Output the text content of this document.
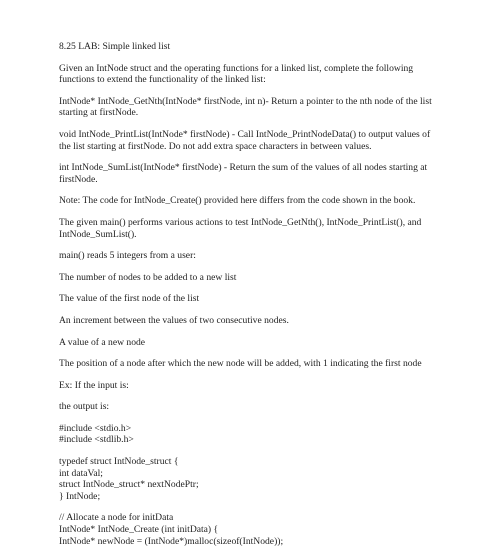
8.25 LAB: Simple linked list

Given an IntNode struct and the operating functions for a linked list, complete the following functions to extend the functionality of the linked list:

IntNode* IntNode_GetNth(IntNode* firstNode, int n)- Return a pointer to the nth node of the list starting at firstNode.

void IntNode_PrintList(IntNode* firstNode) - Call IntNode_PrintNodeData() to output values of the list starting at firstNode. Do not add extra space characters in between values.

int IntNode_SumList(IntNode* firstNode) - Return the sum of the values of all nodes starting at firstNode.

Note: The code for IntNode_Create() provided here differs from the code shown in the book.

The given main() performs various actions to test IntNode_GetNth(), IntNode_PrintList(), and IntNode_SumList().

main() reads 5 integers from a user:

The number of nodes to be added to a new list

The value of the first node of the list

An increment between the values of two consecutive nodes.

A value of a new node

The position of a node after which the new node will be added, with 1 indicating the first node

Ex: If the input is:

the output is:

#include <stdio.h>

#include <stdlib.h>

typedef struct IntNode_struct {

int dataVal;

struct IntNode_struct* nextNodePtr;

} IntNode;

// Allocate a node for initData

IntNode* IntNode_Create (int initData) {

IntNode* newNode = (IntNode*)malloc(sizeof(IntNode));
